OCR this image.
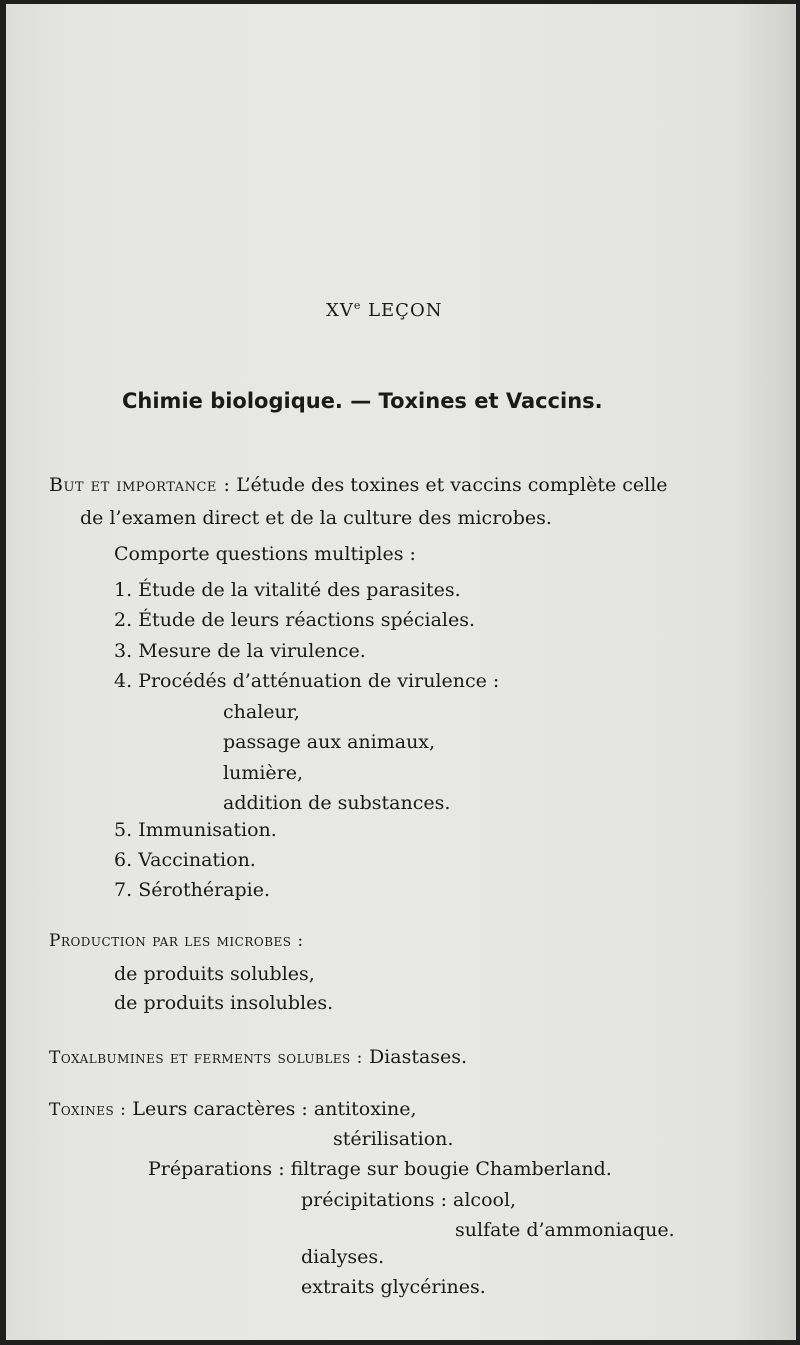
XVe LEÇON
Chimie biologique. — Toxines et Vaccins.
But et importance : L’étude des toxines et vaccins complète celle
de l’examen direct et de la culture des microbes.
Comporte questions multiples :
1. Étude de la vitalité des parasites.
2. Étude de leurs réactions spéciales.
3. Mesure de la virulence.
4. Procédés d’atténuation de virulence :
chaleur,
passage aux animaux,
lumière,
addition de substances.
5. Immunisation.
6. Vaccination.
7. Sérothérapie.
Production par les microbes :
de produits solubles,
de produits insolubles.
Toxalbumines et ferments solubles : Diastases.
Toxines : Leurs caractères : antitoxine,
stérilisation.
Préparations : filtrage sur bougie Chamberland.
précipitations : alcool,
sulfate d’ammoniaque.
dialyses.
extraits glycérines.
